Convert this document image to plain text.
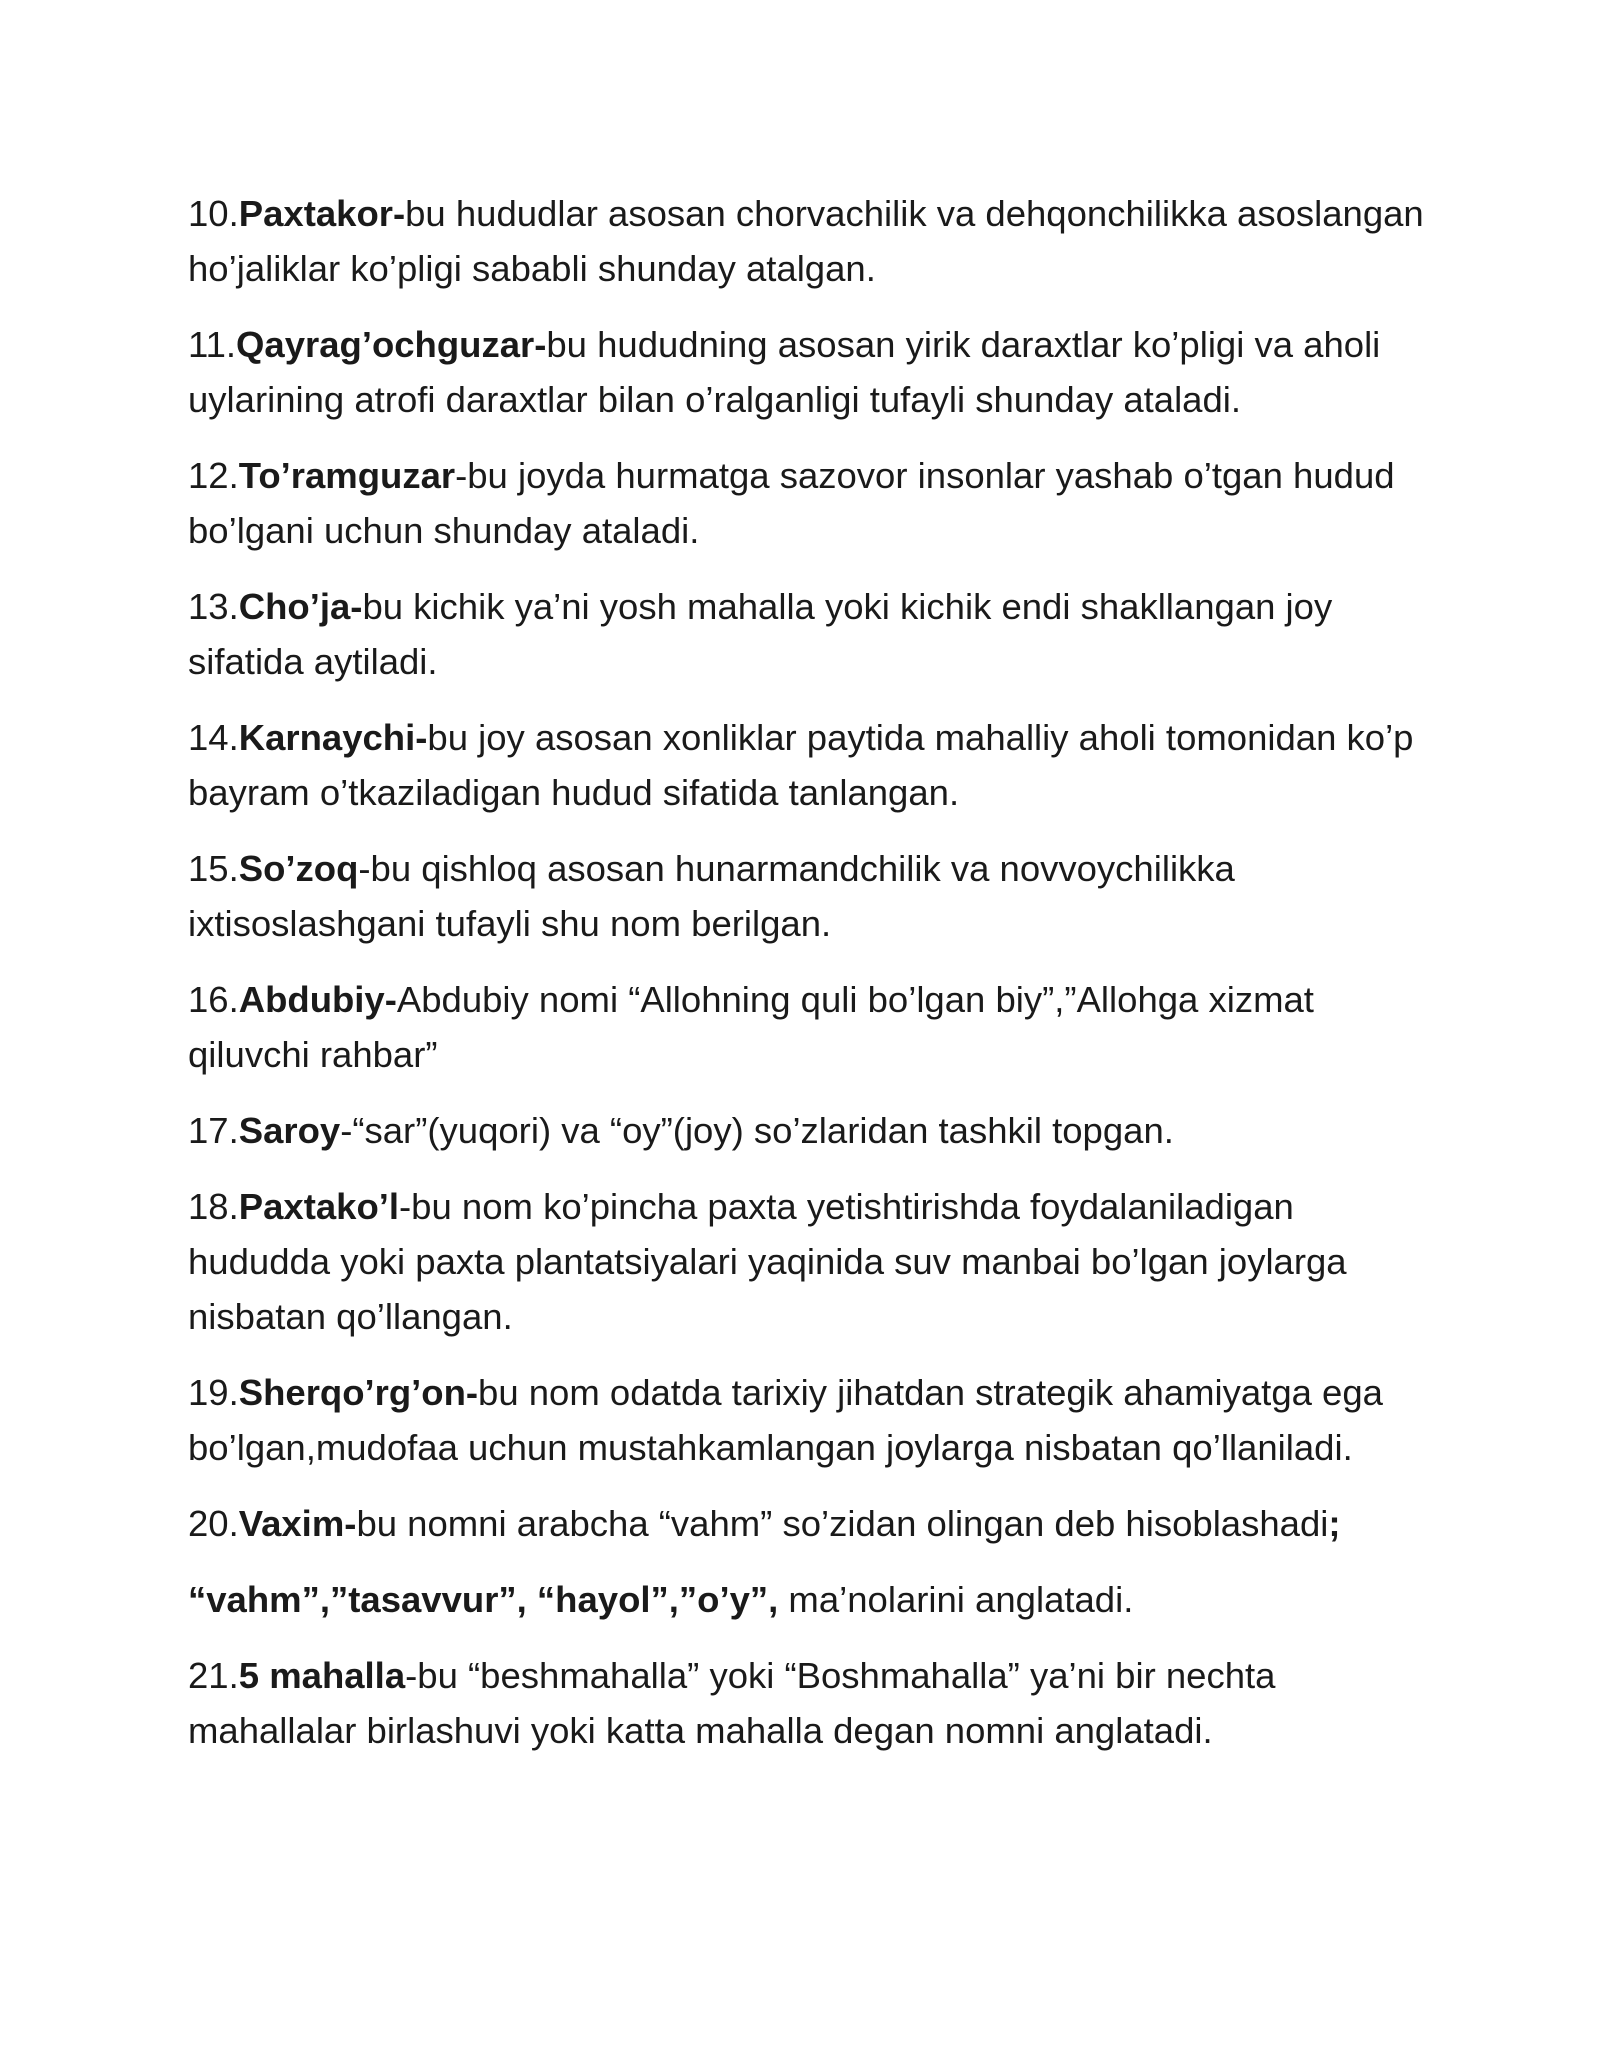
10.Paxtakor-bu hududlar asosan chorvachilik va dehqonchilikka asoslangan ho’jaliklar ko’pligi sababli shunday atalgan.

11.Qayrag’ochguzar-bu hududning asosan yirik daraxtlar ko’pligi va aholi uylarining atrofi daraxtlar bilan o’ralganligi tufayli shunday ataladi.

12.To’ramguzar-bu joyda hurmatga sazovor insonlar yashab o’tgan hudud bo’lgani uchun shunday ataladi.

13.Cho’ja-bu kichik ya’ni yosh mahalla yoki kichik endi shakllangan joy sifatida aytiladi.

14.Karnaychi-bu joy asosan xonliklar paytida mahalliy aholi tomonidan ko’p bayram o’tkaziladigan hudud sifatida tanlangan.

15.So’zoq-bu qishloq asosan hunarmandchilik va novvoychilikka ixtisoslashgani tufayli shu nom berilgan.

16.Abdubiy-Abdubiy nomi “Allohning quli bo’lgan biy”,”Allohga xizmat qiluvchi rahbar”

17.Saroy-“sar”(yuqori) va “oy”(joy) so’zlaridan tashkil topgan.

18.Paxtako’l-bu nom ko’pincha paxta yetishtirishda foydalaniladigan hududda yoki paxta plantatsiyalari yaqinida suv manbai bo’lgan joylarga nisbatan qo’llangan.

19.Sherqo’rg’on-bu nom odatda tarixiy jihatdan strategik ahamiyatga ega bo’lgan,mudofaa uchun mustahkamlangan joylarga nisbatan qo’llaniladi.

20.Vaxim-bu nomni arabcha “vahm” so’zidan olingan deb hisoblashadi;

“vahm”,”tasavvur”, “hayol”,”o’y”, ma’nolarini anglatadi.

21.5 mahalla-bu “beshmahalla” yoki “Boshmahalla” ya’ni bir nechta mahallalar birlashuvi yoki katta mahalla degan nomni anglatadi.
